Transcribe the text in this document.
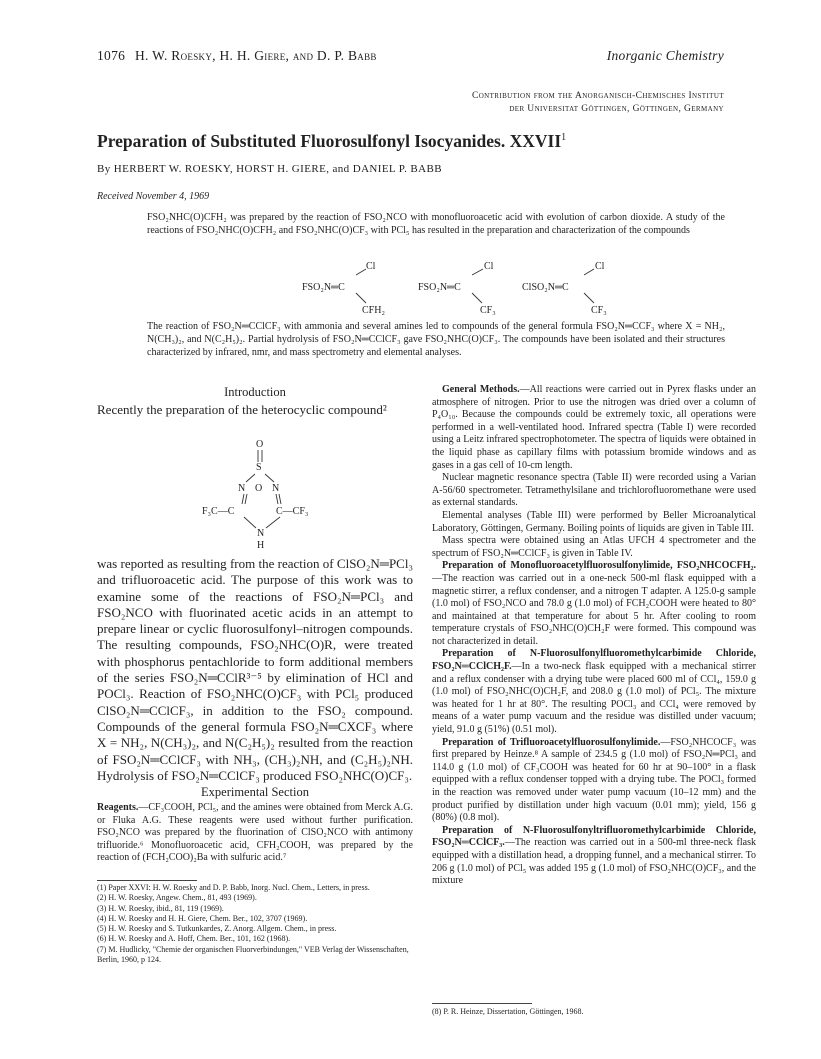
1076 H. W. Roesky, H. H. Giere, and D. P. Babb	Inorganic Chemistry
Contribution from the Anorganisch-Chemisches Institut
der Universitat Göttingen, Göttingen, Germany
Preparation of Substituted Fluorosulfonyl Isocyanides. XXVII$^1$
By HERBERT W. ROESKY, HORST H. GIERE, and DANIEL P. BABB
Received November 4, 1969
FSO₂NHC(O)CFH₂ was prepared by the reaction of FSO₂NCO with monofluoroacetic acid with evolution of carbon dioxide. A study of the reactions of FSO₂NHC(O)CFH₂ and FSO₂NHC(O)CF₃ with PCl₅ has resulted in the preparation and characterization of the compounds
Cl
FSO₂N═C
CFH₂
Cl
FSO₂N═C
CF₃
Cl
ClSO₂N═C
CF₃
The reaction of FSO₂N═CClCF₃ with ammonia and several amines led to compounds of the general formula FSO₂N═CCF₃ where X = NH₂, N(CH₃)₂, and N(C₂H₅)₂. Partial hydrolysis of FSO₂N═CClCF₃ gave FSO₂NHC(O)CF₃. The compounds have been isolated and their structures characterized by infrared, nmr, and mass spectrometry and elemental analyses.
Introduction
Recently the preparation of the heterocyclic compound²
O
S
N O N
F₃C—C	C—CF₃
N
H
was reported as resulting from the reaction of ClSO₂N═PCl₃ and trifluoroacetic acid. The purpose of this work was to examine some of the reactions of FSO₂N═PCl₃ and FSO₂NCO with fluorinated acetic acids in an attempt to prepare linear or cyclic fluorosulfonyl–nitrogen compounds. The resulting compounds, FSO₂NHC(O)R, were treated with phosphorus pentachloride to form additional members of the series FSO₂N═CClR³⁻⁵ by elimination of HCl and POCl₃. Reaction of FSO₂NHC(O)CF₃ with PCl₅ produced ClSO₂N═CClCF₃, in addition to the FSO₂ compound. Compounds of the general formula FSO₂N═CXCF₃ where X = NH₂, N(CH₃)₂, and N(C₂H₅)₂ resulted from the reaction of FSO₂N═CClCF₃ with NH₃, (CH₃)₂NH, and (C₂H₅)₂NH. Hydrolysis of FSO₂N═CClCF₃ produced FSO₂NHC(O)CF₃.
Experimental Section
Reagents.—CF₃COOH, PCl₅, and the amines were obtained from Merck A.G. or Fluka A.G. These reagents were used without further purification. FSO₂NCO was prepared by the fluorination of ClSO₂NCO with antimony trifluoride.⁶ Monofluoroacetic acid, CFH₂COOH, was prepared by the reaction of (FCH₂COO)₂Ba with sulfuric acid.⁷
(1) Paper XXVI: H. W. Roesky and D. P. Babb, Inorg. Nucl. Chem., Letters, in press.
(2) H. W. Roesky, Angew. Chem., 81, 493 (1969).
(3) H. W. Roesky, ibid., 81, 119 (1969).
(4) H. W. Roesky and H. H. Giere, Chem. Ber., 102, 3707 (1969).
(5) H. W. Roesky and S. Tutkunkardes, Z. Anorg. Allgem. Chem., in press.
(6) H. W. Roesky and A. Hoff, Chem. Ber., 101, 162 (1968).
(7) M. Hudlicky, "Chemie der organischen Fluorverbindungen," VEB Verlag der Wissenschaften, Berlin, 1960, p 124.
General Methods.—All reactions were carried out in Pyrex flasks under an atmosphere of nitrogen. Prior to use the nitrogen was dried over a column of P₄O₁₀. Because the compounds could be extremely toxic, all operations were performed in a well-ventilated hood. Infrared spectra (Table I) were recorded using a Leitz infrared spectrophotometer. The spectra of liquids were obtained in the liquid phase as capillary films with potassium bromide windows and as gases in a gas cell of 10-cm length.
Nuclear magnetic resonance spectra (Table II) were recorded using a Varian A-56/60 spectrometer. Tetramethylsilane and trichlorofluoromethane were used as external standards.
Elemental analyses (Table III) were performed by Beller Microanalytical Laboratory, Göttingen, Germany. Boiling points of liquids are given in Table III.
Mass spectra were obtained using an Atlas UFCH 4 spectrometer and the spectrum of FSO₂N═CClCF₃ is given in Table IV.
Preparation of Monofluoroacetylfluorosulfonylimide, FSO₂NHCOCFH₂.—The reaction was carried out in a one-neck 500-ml flask equipped with a magnetic stirrer, a reflux condenser, and a nitrogen T adapter. A 125.0-g sample (1.0 mol) of FSO₂NCO and 78.0 g (1.0 mol) of FCH₂COOH were heated to 80° and maintained at that temperature for about 5 hr. After cooling to room temperature crystals of FSO₂NHC(O)CH₂F were formed. This compound was not characterized in detail.
Preparation of N-Fluorosulfonylfluoromethylcarbimide Chloride, FSO₂N═CClCH₂F.—In a two-neck flask equipped with a mechanical stirrer and a reflux condenser with a drying tube were placed 600 ml of CCl₄, 159.0 g (1.0 mol) of FSO₂NHC(O)CH₂F, and 208.0 g (1.0 mol) of PCl₅. The mixture was heated for 1 hr at 80°. The resulting POCl₃ and CCl₄ were removed by means of a water pump vacuum and the residue was distilled under vacuum; yield, 91.0 g (51%) (0.51 mol).
Preparation of Trifluoroacetylfluorosulfonylimide.—FSO₂NHCOCF₃ was first prepared by Heinze.⁸ A sample of 234.5 g (1.0 mol) of FSO₂N═PCl₃ and 114.0 g (1.0 mol) of CF₃COOH was heated for 60 hr at 90–100° in a flask equipped with a reflux condenser topped with a drying tube. The POCl₃ formed in the reaction was removed under water pump vacuum (10–12 mm) and the product purified by distillation under high vacuum (0.01 mm); yield, 156 g (80%) (0.8 mol).
Preparation of N-Fluorosulfonyltrifluoromethylcarbimide Chloride, FSO₂N═CClCF₃.—The reaction was carried out in a 500-ml three-neck flask equipped with a distillation head, a dropping funnel, and a mechanical stirrer. To 206 g (1.0 mol) of PCl₅ was added 195 g (1.0 mol) of FSO₂NHC(O)CF₃, and the mixture
(8) P. R. Heinze, Dissertation, Göttingen, 1968.
